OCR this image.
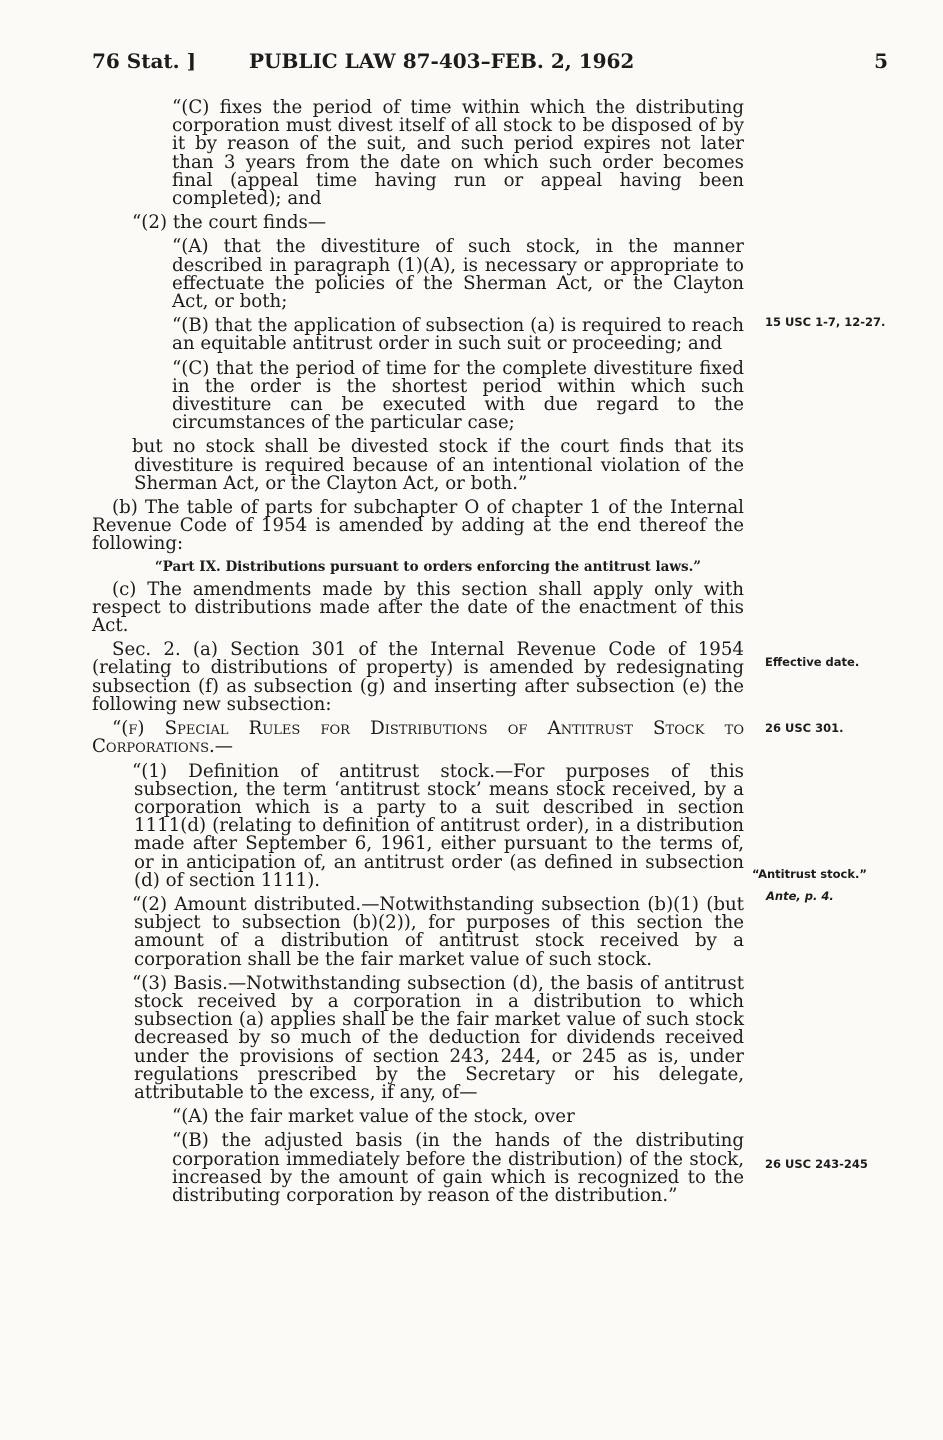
76 Stat. ]	PUBLIC LAW 87-403–FEB. 2, 1962	5

“(C) fixes the period of time within which the distributing corporation must divest itself of all stock to be disposed of by it by reason of the suit, and such period expires not later than 3 years from the date on which such order becomes final (appeal time having run or appeal having been completed); and

“(2) the court finds—

“(A) that the divestiture of such stock, in the manner described in paragraph (1)(A), is necessary or appropriate to effectuate the policies of the Sherman Act, or the Clayton Act, or both;

“(B) that the application of subsection (a) is required to reach an equitable antitrust order in such suit or proceeding; and

“(C) that the period of time for the complete divestiture fixed in the order is the shortest period within which such divestiture can be executed with due regard to the circumstances of the particular case;

but no stock shall be divested stock if the court finds that its divestiture is required because of an intentional violation of the Sherman Act, or the Clayton Act, or both.”

(b) The table of parts for subchapter O of chapter 1 of the Internal Revenue Code of 1954 is amended by adding at the end thereof the following:

“Part IX. Distributions pursuant to orders enforcing the antitrust laws.”

(c) The amendments made by this section shall apply only with respect to distributions made after the date of the enactment of this Act.

Sec. 2. (a) Section 301 of the Internal Revenue Code of 1954 (relating to distributions of property) is amended by redesignating subsection (f) as subsection (g) and inserting after subsection (e) the following new subsection:

“(f) Special Rules for Distributions of Antitrust Stock to Corporations.—

“(1) Definition of antitrust stock.—For purposes of this subsection, the term ‘antitrust stock’ means stock received, by a corporation which is a party to a suit described in section 1111(d) (relating to definition of antitrust order), in a distribution made after September 6, 1961, either pursuant to the terms of, or in anticipation of, an antitrust order (as defined in subsection (d) of section 1111).

“(2) Amount distributed.—Notwithstanding subsection (b)(1) (but subject to subsection (b)(2)), for purposes of this section the amount of a distribution of antitrust stock received by a corporation shall be the fair market value of such stock.

“(3) Basis.—Notwithstanding subsection (d), the basis of antitrust stock received by a corporation in a distribution to which subsection (a) applies shall be the fair market value of such stock decreased by so much of the deduction for dividends received under the provisions of section 243, 244, or 245 as is, under regulations prescribed by the Secretary or his delegate, attributable to the excess, if any, of—

“(A) the fair market value of the stock, over

“(B) the adjusted basis (in the hands of the distributing corporation immediately before the distribution) of the stock, increased by the amount of gain which is recognized to the distributing corporation by reason of the distribution.”

15 USC 1-7, 12-27.
Effective date.
26 USC 301.
“Antitrust stock.”
Ante, p. 4.
26 USC 243-245
